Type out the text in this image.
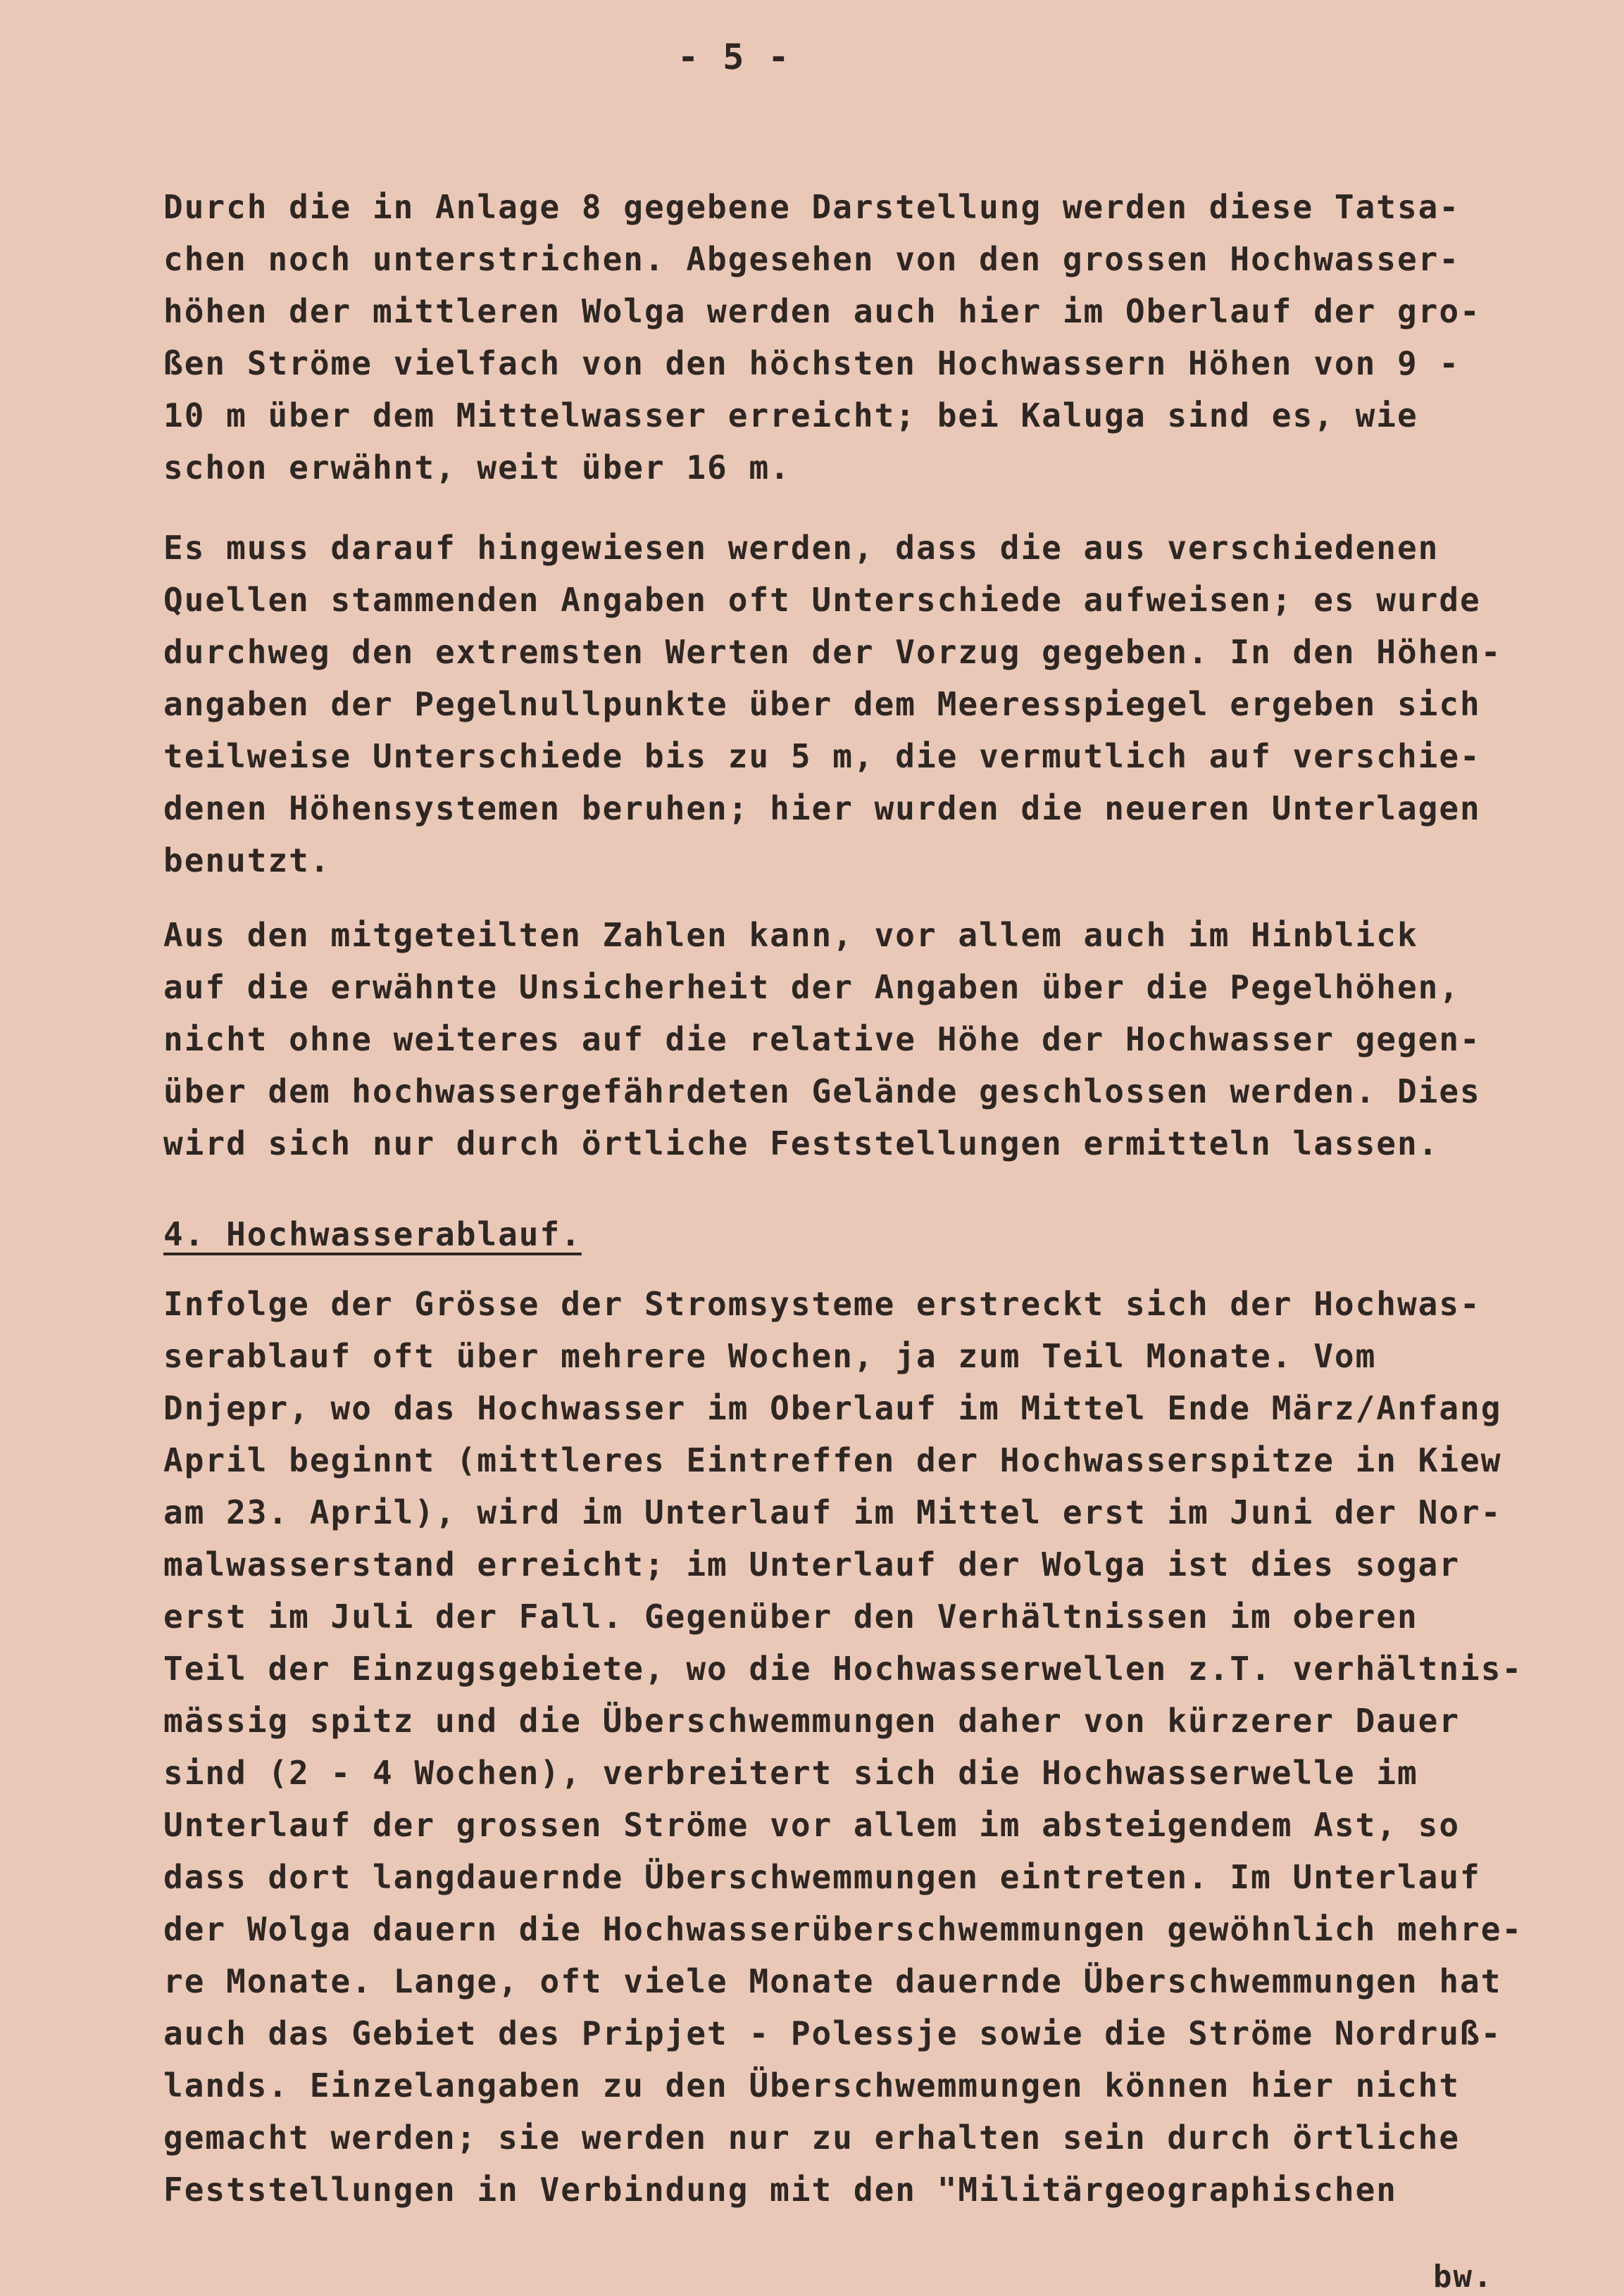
- 5 -
Durch die in Anlage 8 gegebene Darstellung werden diese Tatsa-
chen noch unterstrichen. Abgesehen von den grossen Hochwasser-
höhen der mittleren Wolga werden auch hier im Oberlauf der gro-
ßen Ströme vielfach von den höchsten Hochwassern Höhen von 9 -
10 m über dem Mittelwasser erreicht; bei Kaluga sind es, wie
schon erwähnt, weit über 16 m.
Es muss darauf hingewiesen werden, dass die aus verschiedenen
Quellen stammenden Angaben oft Unterschiede aufweisen; es wurde
durchweg den extremsten Werten der Vorzug gegeben. In den Höhen-
angaben der Pegelnullpunkte über dem Meeresspiegel ergeben sich
teilweise Unterschiede bis zu 5 m, die vermutlich auf verschie-
denen Höhensystemen beruhen; hier wurden die neueren Unterlagen
benutzt.
Aus den mitgeteilten Zahlen kann, vor allem auch im Hinblick
auf die erwähnte Unsicherheit der Angaben über die Pegelhöhen,
nicht ohne weiteres auf die relative Höhe der Hochwasser gegen-
über dem hochwassergefährdeten Gelände geschlossen werden. Dies
wird sich nur durch örtliche Feststellungen ermitteln lassen.
4. Hochwasserablauf.
Infolge der Grösse der Stromsysteme erstreckt sich der Hochwas-
serablauf oft über mehrere Wochen, ja zum Teil Monate. Vom
Dnjepr, wo das Hochwasser im Oberlauf im Mittel Ende März/Anfang
April beginnt (mittleres Eintreffen der Hochwasserspitze in Kiew
am 23. April), wird im Unterlauf im Mittel erst im Juni der Nor-
malwasserstand erreicht; im Unterlauf der Wolga ist dies sogar
erst im Juli der Fall. Gegenüber den Verhältnissen im oberen
Teil der Einzugsgebiete, wo die Hochwasserwellen z.T. verhältnis-
mässig spitz und die Überschwemmungen daher von kürzerer Dauer
sind (2 - 4 Wochen), verbreitert sich die Hochwasserwelle im
Unterlauf der grossen Ströme vor allem im absteigendem Ast, so
dass dort langdauernde Überschwemmungen eintreten. Im Unterlauf
der Wolga dauern die Hochwasserüberschwemmungen gewöhnlich mehre-
re Monate. Lange, oft viele Monate dauernde Überschwemmungen hat
auch das Gebiet des Pripjet - Polessje sowie die Ströme Nordruß-
lands. Einzelangaben zu den Überschwemmungen können hier nicht
gemacht werden; sie werden nur zu erhalten sein durch örtliche
Feststellungen in Verbindung mit den "Militärgeographischen
bw.
